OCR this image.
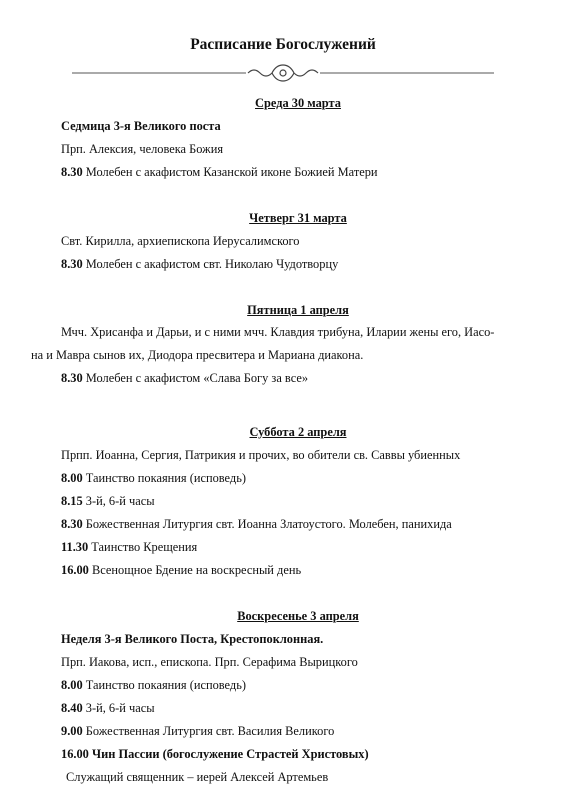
Расписание Богослужений
Среда 30 марта
Седмица 3-я Великого поста
Прп. Алексия, человека Божия
8.30 Молебен с акафистом Казанской иконе Божией Матери
Четверг 31 марта
Свт. Кирилла, архиепископа Иерусалимского
8.30 Молебен с акафистом свт. Николаю Чудотворцу
Пятница 1 апреля
Мчч. Хрисанфа и Дарьи, и с ними мчч. Клавдия трибуна, Иларии жены его, Иасо-
на и Мавра сынов их, Диодора пресвитера и Мариана диакона.
8.30 Молебен с акафистом «Слава Богу за все»
Суббота 2 апреля
Прпп. Иоанна, Сергия, Патрикия и прочих, во обители св. Саввы убиенных
8.00 Таинство покаяния (исповедь)
8.15 3-й, 6-й часы
8.30 Божественная Литургия свт. Иоанна Златоустого. Молебен, панихида
11.30 Таинство Крещения
16.00 Всенощное Бдение на воскресный день
Воскресенье 3 апреля
Неделя 3-я Великого Поста, Крестопоклонная.
Прп. Иакова, исп., епископа. Прп. Серафима Вырицкого
8.00 Таинство покаяния (исповедь)
8.40 3-й, 6-й часы
9.00 Божественная Литургия свт. Василия Великого
16.00 Чин Пассии (богослужение Страстей Христовых)
Служащий священник – иерей Алексей Артемьев
